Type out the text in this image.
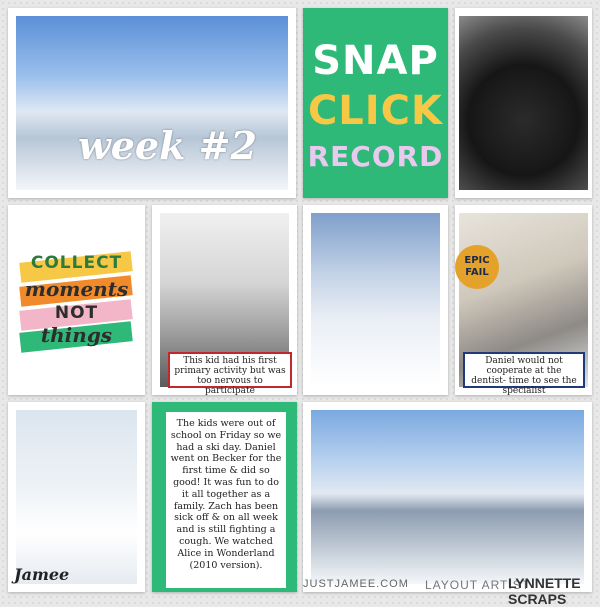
week #2
SNAP
CLICK
RECORD
COLLECT
moments
NOT
things
This kid had his first primary activity but was too nervous to participate
EPIC
FAIL
Daniel would not cooperate at the dentist- time to see the specialist
The kids were out of school on Friday so we had a ski day. Daniel went on Becker for the first time & did so good! It was fun to do it all together as a family. Zach has been sick off & on all week and is still fighting a cough. We watched Alice in Wonderland (2010 version).
Jamee	JUSTJAMEE.COM LAYOUT ARTIST
LYNNETTE SCRAPS
